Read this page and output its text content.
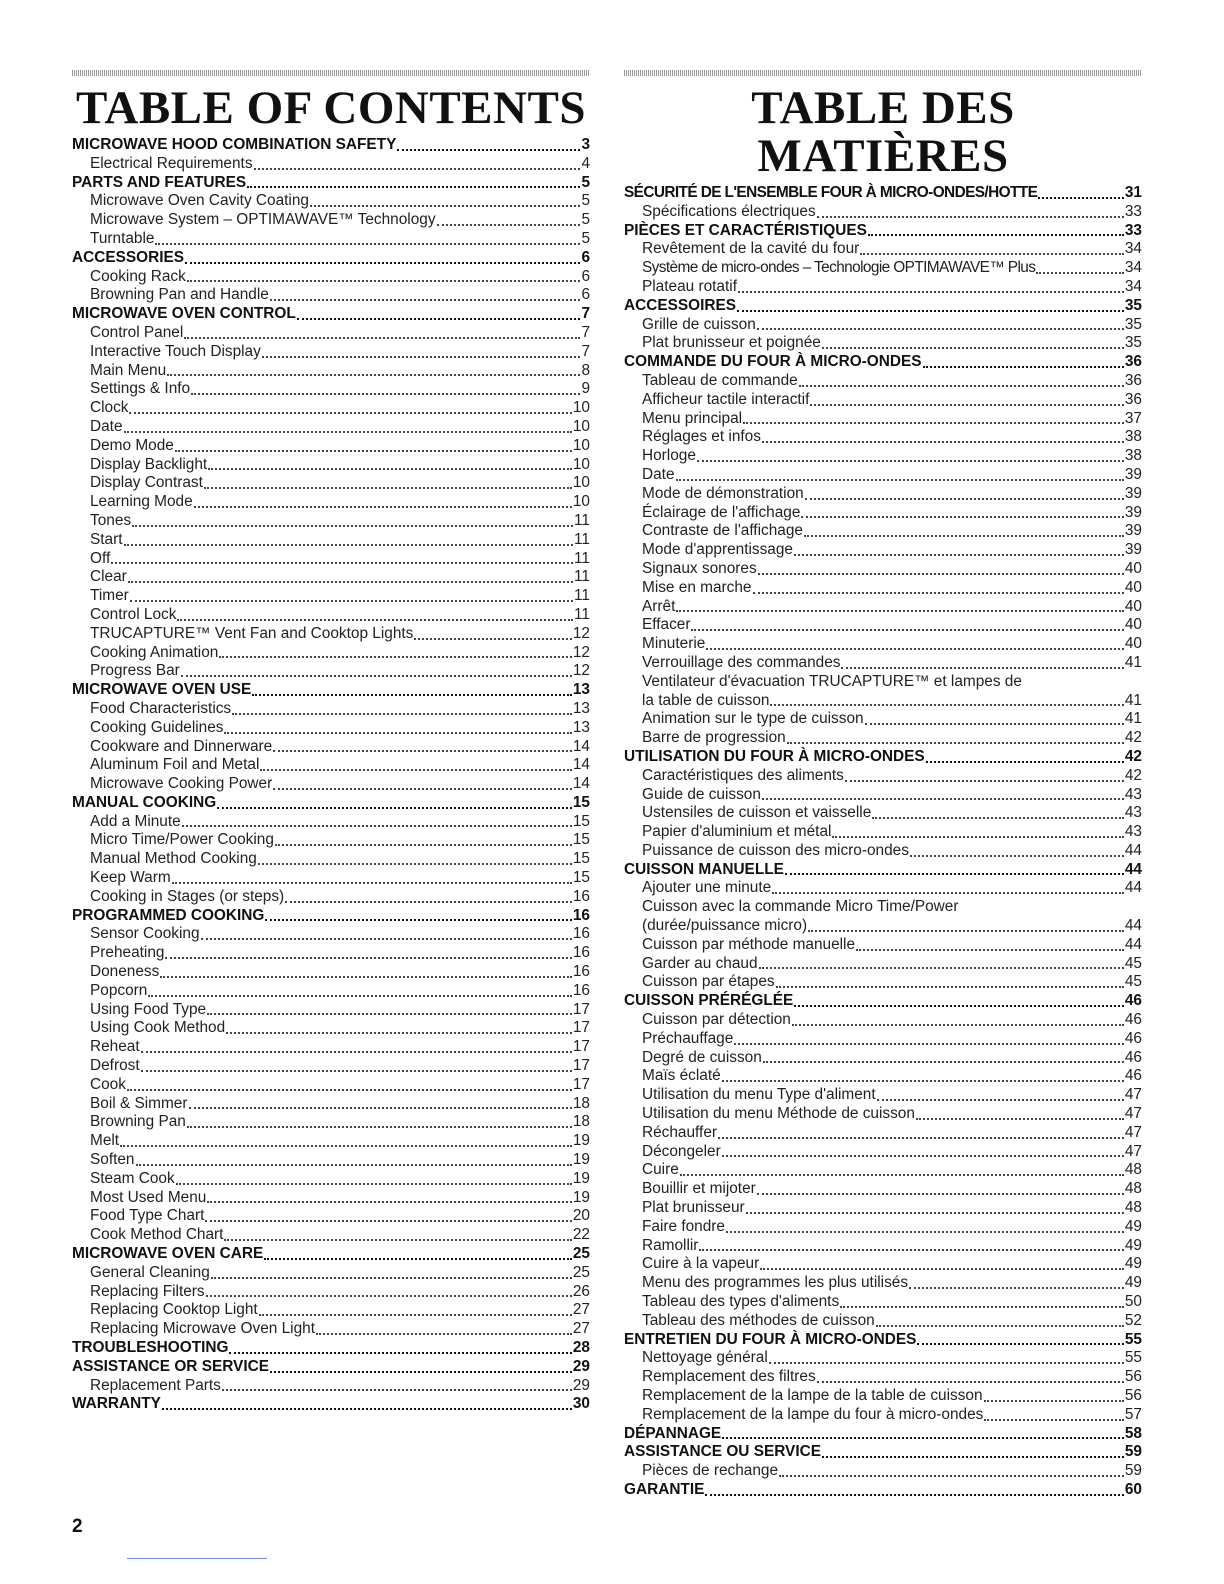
TABLE OF CONTENTS
MICROWAVE HOOD COMBINATION SAFETY	3
Electrical Requirements	4
PARTS AND FEATURES	5
Microwave Oven Cavity Coating	5
Microwave System – OPTIMAWAVE™ Technology	5
Turntable	5
ACCESSORIES	6
Cooking Rack	6
Browning Pan and Handle	6
MICROWAVE OVEN CONTROL	7
Control Panel	7
Interactive Touch Display	7
Main Menu	8
Settings & Info	9
Clock	10
Date	10
Demo Mode	10
Display Backlight	10
Display Contrast	10
Learning Mode	10
Tones	11
Start	11
Off	11
Clear	11
Timer	11
Control Lock	11
TRUCAPTURE™ Vent Fan and Cooktop Lights	12
Cooking Animation	12
Progress Bar	12
MICROWAVE OVEN USE	13
Food Characteristics	13
Cooking Guidelines	13
Cookware and Dinnerware	14
Aluminum Foil and Metal	14
Microwave Cooking Power	14
MANUAL COOKING	15
Add a Minute	15
Micro Time/Power Cooking	15
Manual Method Cooking	15
Keep Warm	15
Cooking in Stages (or steps)	16
PROGRAMMED COOKING	16
Sensor Cooking	16
Preheating	16
Doneness	16
Popcorn	16
Using Food Type	17
Using Cook Method	17
Reheat	17
Defrost	17
Cook	17
Boil & Simmer	18
Browning Pan	18
Melt	19
Soften	19
Steam Cook	19
Most Used Menu	19
Food Type Chart	20
Cook Method Chart	22
MICROWAVE OVEN CARE	25
General Cleaning	25
Replacing Filters	26
Replacing Cooktop Light	27
Replacing Microwave Oven Light	27
TROUBLESHOOTING	28
ASSISTANCE OR SERVICE	29
Replacement Parts	29
WARRANTY	30
TABLE DES MATIÈRES
SÉCURITÉ DE L'ENSEMBLE FOUR À MICRO-ONDES/HOTTE	31
Spécifications électriques	33
PIÈCES ET CARACTÉRISTIQUES	33
Revêtement de la cavité du four	34
Système de micro-ondes – Technologie OPTIMAWAVE™ Plus	34
Plateau rotatif	34
ACCESSOIRES	35
Grille de cuisson	35
Plat brunisseur et poignée	35
COMMANDE DU FOUR À MICRO-ONDES	36
Tableau de commande	36
Afficheur tactile interactif	36
Menu principal	37
Réglages et infos	38
Horloge	38
Date	39
Mode de démonstration	39
Éclairage de l'affichage	39
Contraste de l'affichage	39
Mode d'apprentissage	39
Signaux sonores	40
Mise en marche	40
Arrêt	40
Effacer	40
Minuterie	40
Verrouillage des commandes	41
Ventilateur d'évacuation TRUCAPTURE™ et lampes de
la table de cuisson	41
Animation sur le type de cuisson	41
Barre de progression	42
UTILISATION DU FOUR À MICRO-ONDES	42
Caractéristiques des aliments	42
Guide de cuisson	43
Ustensiles de cuisson et vaisselle	43
Papier d'aluminium et métal	43
Puissance de cuisson des micro-ondes	44
CUISSON MANUELLE	44
Ajouter une minute	44
Cuisson avec la commande Micro Time/Power
(durée/puissance micro)	44
Cuisson par méthode manuelle	44
Garder au chaud	45
Cuisson par étapes	45
CUISSON PRÉRÉGLÉE	46
Cuisson par détection	46
Préchauffage	46
Degré de cuisson	46
Maïs éclaté	46
Utilisation du menu Type d'aliment	47
Utilisation du menu Méthode de cuisson	47
Réchauffer	47
Décongeler	47
Cuire	48
Bouillir et mijoter	48
Plat brunisseur	48
Faire fondre	49
Ramollir	49
Cuire à la vapeur	49
Menu des programmes les plus utilisés	49
Tableau des types d'aliments	50
Tableau des méthodes de cuisson	52
ENTRETIEN DU FOUR À MICRO-ONDES	55
Nettoyage général	55
Remplacement des filtres	56
Remplacement de la lampe de la table de cuisson	56
Remplacement de la lampe du four à micro-ondes	57
DÉPANNAGE	58
ASSISTANCE OU SERVICE	59
Pièces de rechange	59
GARANTIE	60
2
